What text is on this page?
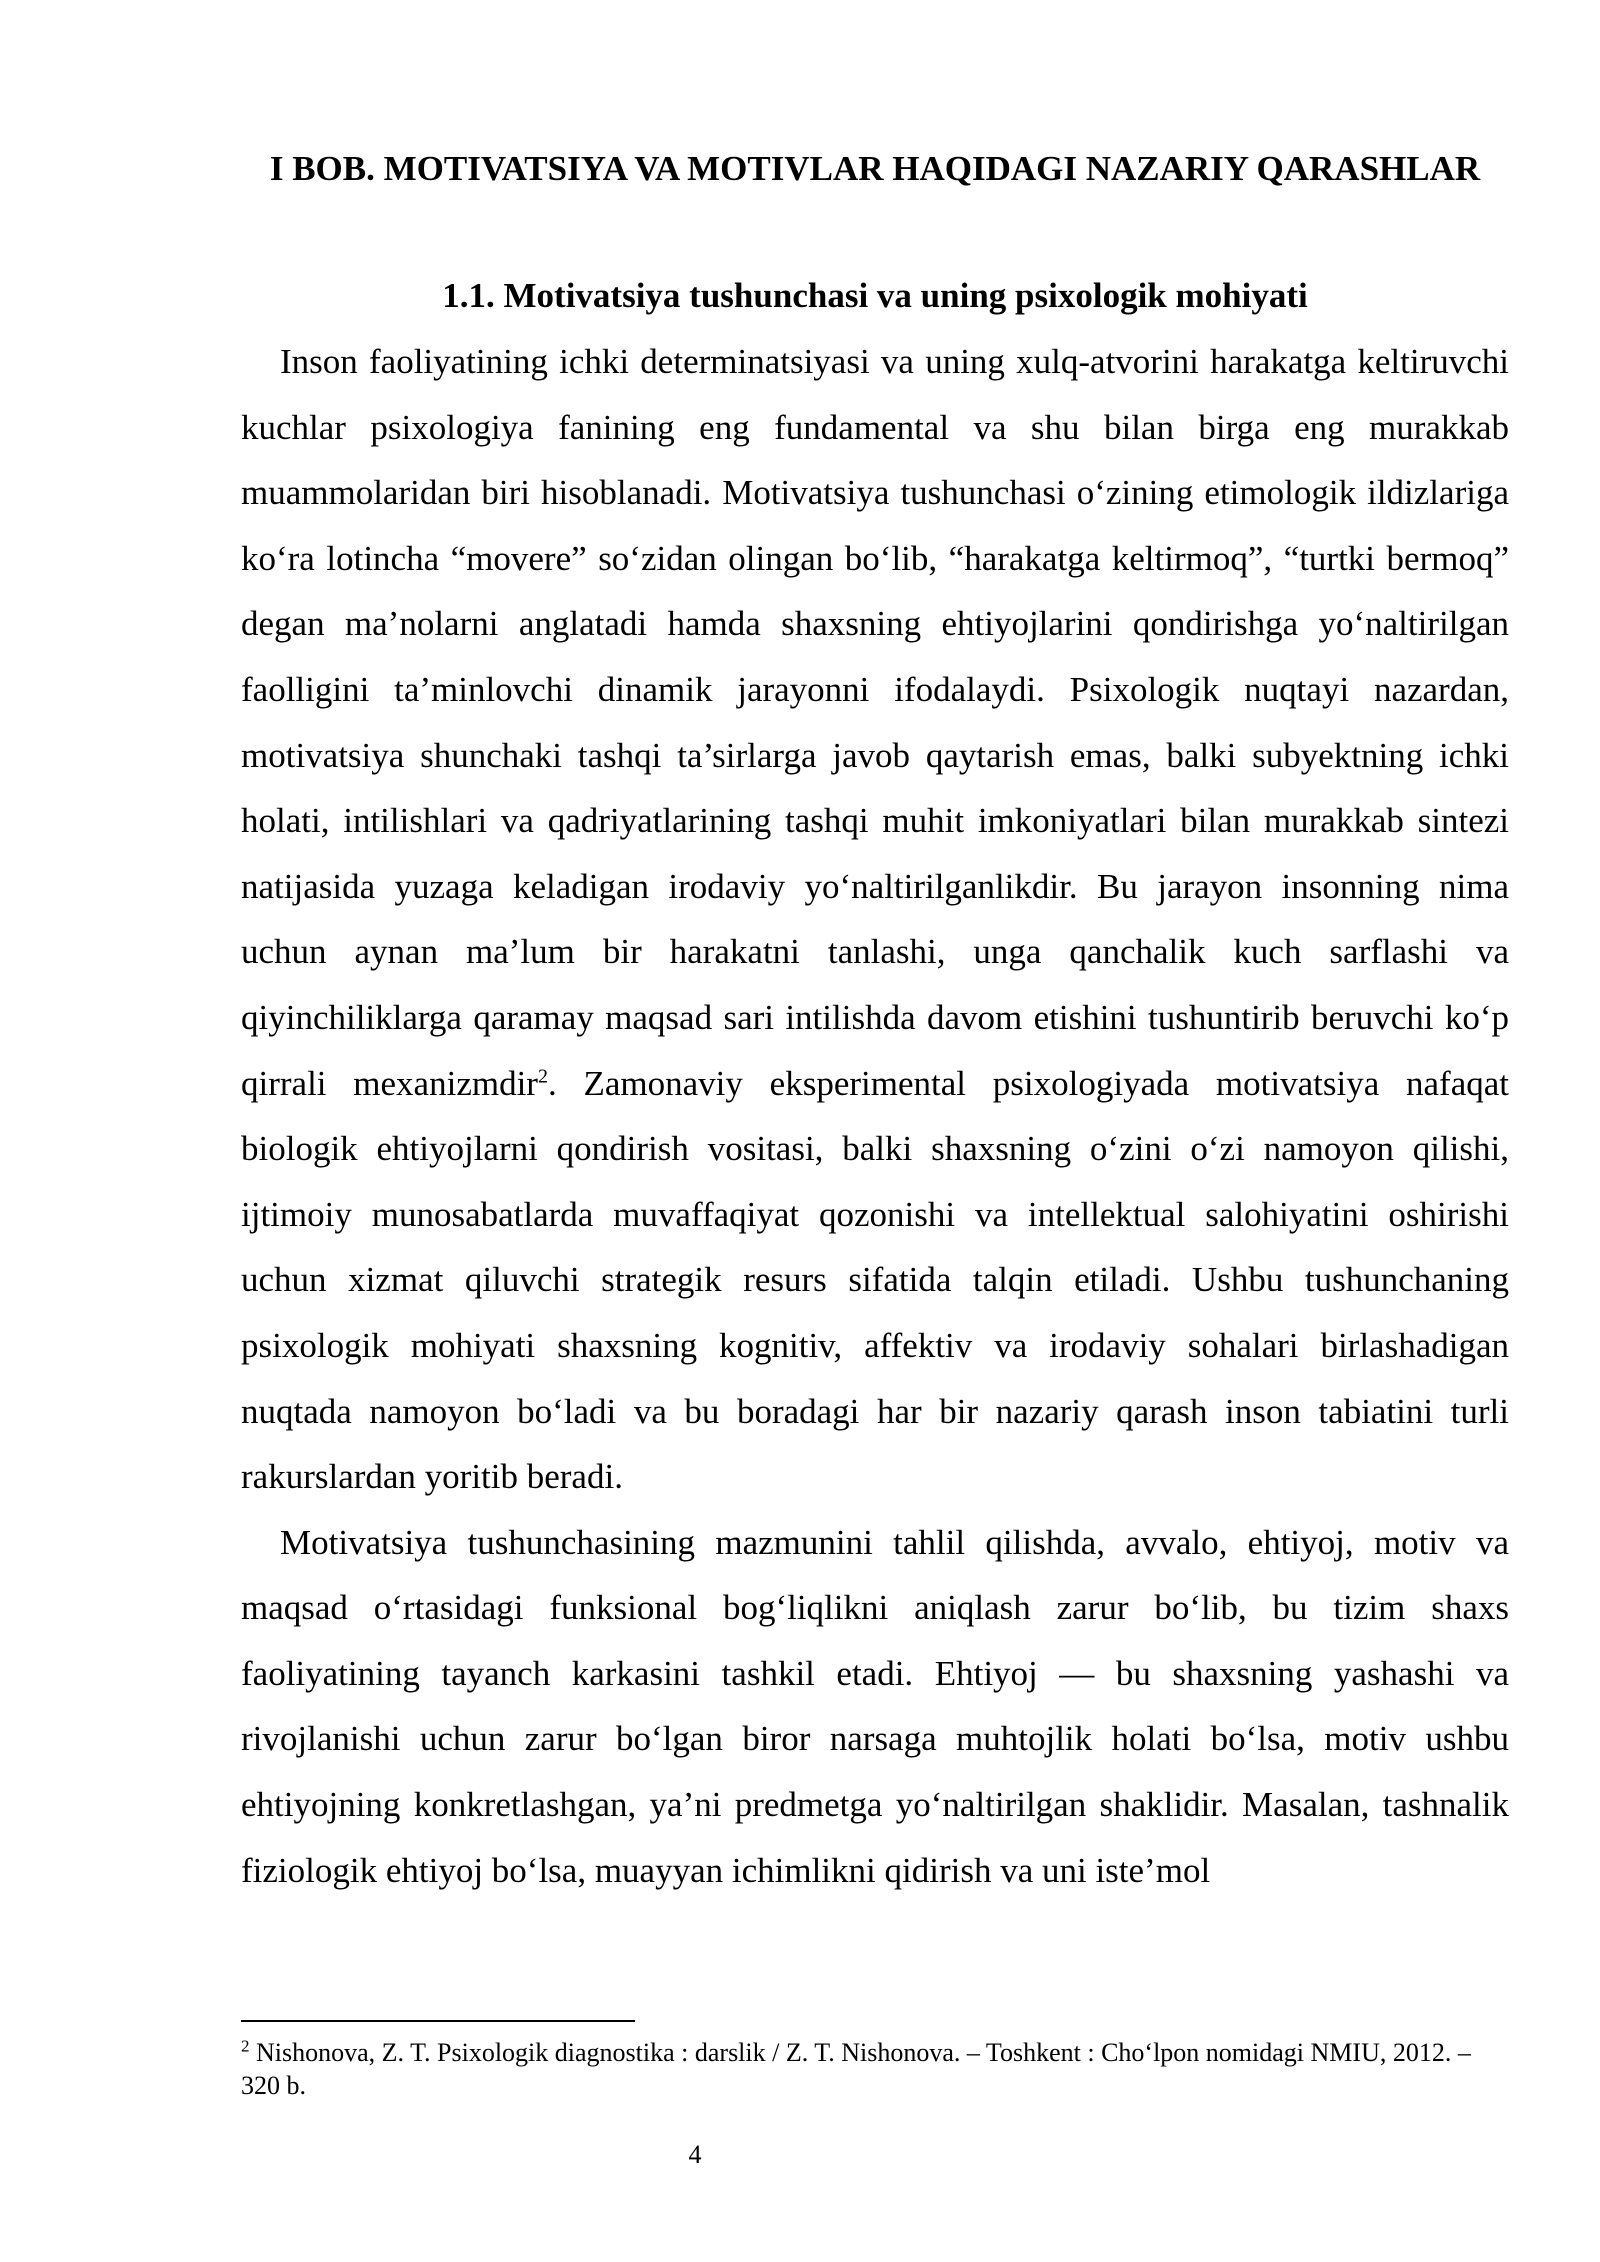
I BOB. MOTIVATSIYA VA MOTIVLAR HAQIDAGI NAZARIY QARASHLAR
1.1. Motivatsiya tushunchasi va uning psixologik mohiyati

Inson faoliyatining ichki determinatsiyasi va uning xulq-atvorini harakatga keltiruvchi kuchlar psixologiya fanining eng fundamental va shu bilan birga eng murakkab muammolaridan biri hisoblanadi. Motivatsiya tushunchasi o‘zining etimologik ildizlariga ko‘ra lotincha “movere” so‘zidan olingan bo‘lib, “harakatga keltirmoq”, “turtki bermoq” degan ma’nolarni anglatadi hamda shaxsning ehtiyojlarini qondirishga yo‘naltirilgan faolligini ta’minlovchi dinamik jarayonni ifodalaydi. Psixologik nuqtayi nazardan, motivatsiya shunchaki tashqi ta’sirlarga javob qaytarish emas, balki subyektning ichki holati, intilishlari va qadriyatlarining tashqi muhit imkoniyatlari bilan murakkab sintezi natijasida yuzaga keladigan irodaviy yo‘naltirilganlikdir. Bu jarayon insonning nima uchun aynan ma’lum bir harakatni tanlashi, unga qanchalik kuch sarflashi va qiyinchiliklarga qaramay maqsad sari intilishda davom etishini tushuntirib beruvchi ko‘p qirrali mexanizmdir$^2$. Zamonaviy eksperimental psixologiyada motivatsiya nafaqat biologik ehtiyojlarni qondirish vositasi, balki shaxsning o‘zini o‘zi namoyon qilishi, ijtimoiy munosabatlarda muvaffaqiyat qozonishi va intellektual salohiyatini oshirishi uchun xizmat qiluvchi strategik resurs sifatida talqin etiladi. Ushbu tushunchaning psixologik mohiyati shaxsning kognitiv, affektiv va irodaviy sohalari birlashadigan nuqtada namoyon bo‘ladi va bu boradagi har bir nazariy qarash inson tabiatini turli rakurslardan yoritib beradi.

Motivatsiya tushunchasining mazmunini tahlil qilishda, avvalo, ehtiyoj, motiv va maqsad o‘rtasidagi funksional bog‘liqlikni aniqlash zarur bo‘lib, bu tizim shaxs faoliyatining tayanch karkasini tashkil etadi. Ehtiyoj — bu shaxsning yashashi va rivojlanishi uchun zarur bo‘lgan biror narsaga muhtojlik holati bo‘lsa, motiv ushbu ehtiyojning konkretlashgan, ya’ni predmetga yo‘naltirilgan shaklidir. Masalan, tashnalik fiziologik ehtiyoj bo‘lsa, muayyan ichimlikni qidirish va uni iste’mol

$^2$ Nishonova, Z. T. Psixologik diagnostika : darslik / Z. T. Nishonova. – Toshkent : Cho‘lpon nomidagi NMIU, 2012. – 320 b.

4
